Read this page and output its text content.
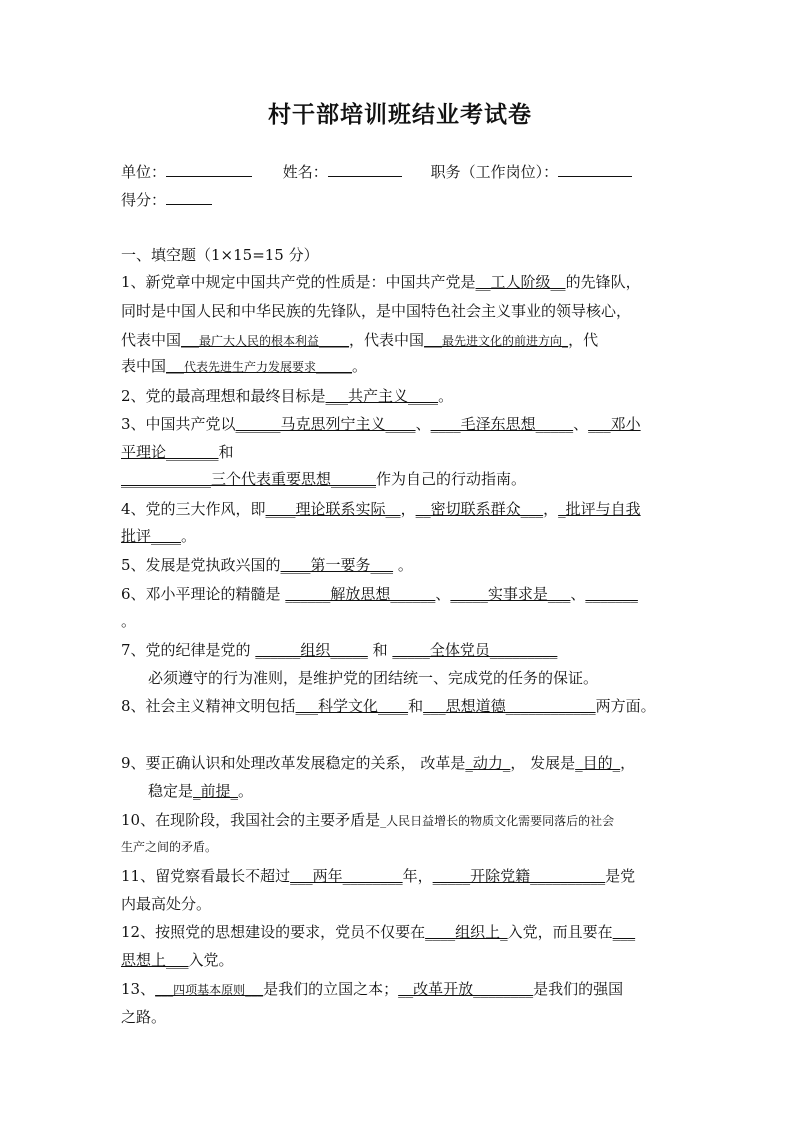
村干部培训班结业考试卷
单位：	姓名：	职务（工作岗位）：
得分：
一、填空题（1×15=15 分）
1、新党章中规定中国共产党的性质是：中国共产党是__工人阶级__的先锋队，
同时是中国人民和中华民族的先锋队，是中国特色社会主义事业的领导核心，
代表中国___最广大人民的根本利益_____，代表中国___最先进文化的前进方向_，代
表中国___代表先进生产力发展要求______。
2、党的最高理想和最终目标是___共产主义____。
3、中国共产党以______马克思列宁主义____、____毛泽东思想_____、___邓小
平理论_______和
____________三个代表重要思想______作为自己的行动指南。
4、党的三大作风，即____理论联系实际__，__密切联系群众___，_批评与自我
批评____。
5、发展是党执政兴国的____第一要务___ 。
6、邓小平理论的精髓是 ______解放思想______、_____实事求是___、_______
。
7、党的纪律是党的 ______组织_____ 和 _____全体党员_________
必须遵守的行为准则，是维护党的团结统一、完成党的任务的保证。
8、社会主义精神文明包括___科学文化____和___思想道德____________两方面。
9、要正确认识和处理改革发展稳定的关系， 改革是_动力_， 发展是_目的_，
稳定是_前提_。
10、在现阶段，我国社会的主要矛盾是_人民日益增长的物质文化需要同落后的社会
生产之间的矛盾。
11、留党察看最长不超过___两年________年，_____开除党籍__________是党
内最高处分。
12、按照党的思想建设的要求，党员不仅要在____组织上_入党，而且要在___
思想上___入党。
13、___四项基本原则___是我们的立国之本；__改革开放________是我们的强国
之路。
